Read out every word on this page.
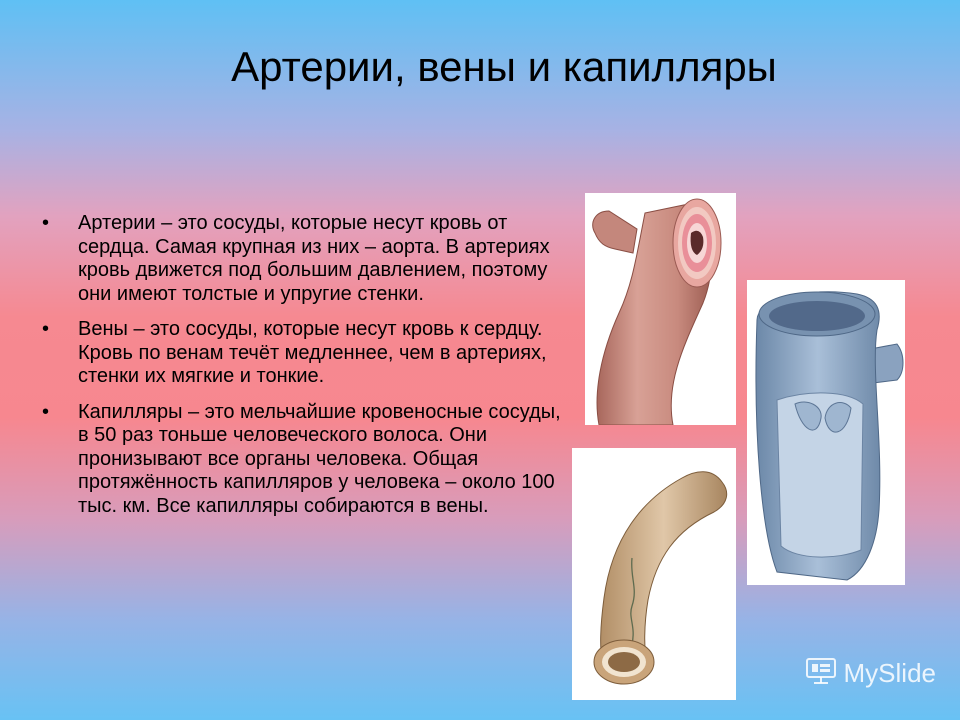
Артерии, вены и капилляры
• Артерии – это сосуды, которые несут кровь от сердца. Самая крупная из них – аорта. В артериях кровь движется под большим давлением, поэтому они имеют толстые и упругие стенки.
• Вены – это сосуды, которые несут кровь к сердцу. Кровь по венам течёт медленнее, чем в артериях, стенки их мягкие и тонкие.
• Капилляры – это мельчайшие кровеносные сосуды, в 50 раз тоньше человеческого волоса. Они пронизывают все органы человека. Общая протяжённость капилляров у человека – около 100 тыс. км. Все капилляры собираются в вены.
MySlide
